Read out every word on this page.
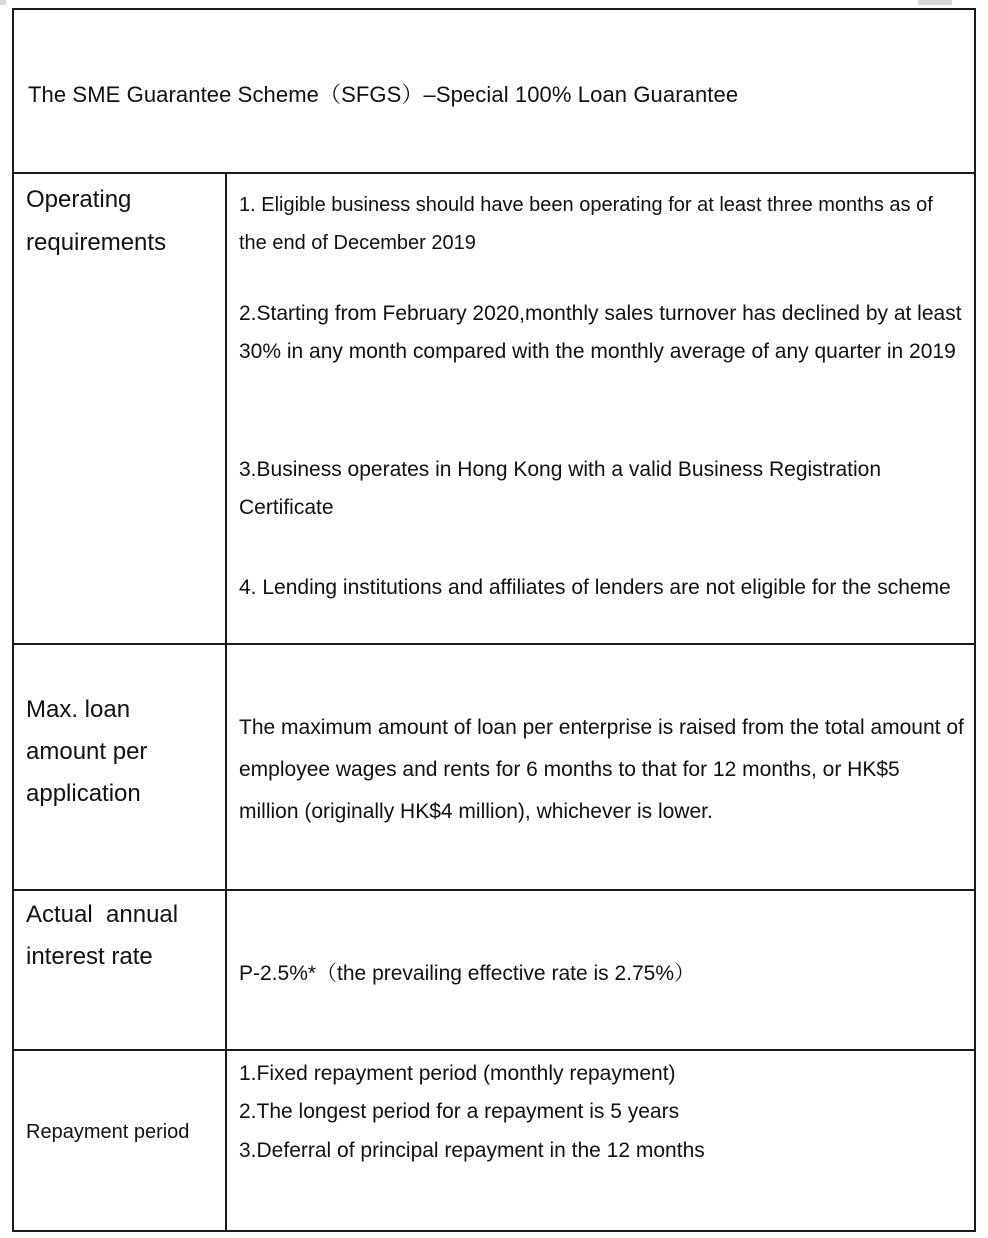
The SME Guarantee Scheme（SFGS）–Special 100% Loan Guarantee
Operating requirements

1. Eligible business should have been operating for at least three months as of the end of December 2019

2.Starting from February 2020,monthly sales turnover has declined by at least 30% in any month compared with the monthly average of any quarter in 2019

3.Business operates in Hong Kong with a valid Business Registration Certificate

4. Lending institutions and affiliates of lenders are not eligible for the scheme

Max. loan amount per application

The maximum amount of loan per enterprise is raised from the total amount of employee wages and rents for 6 months to that for 12 months, or HK$5 million (originally HK$4 million), whichever is lower.

Actual  annual interest rate

P-2.5%*（the prevailing effective rate is 2.75%）

Repayment period

1.Fixed repayment period (monthly repayment)

2.The longest period for a repayment is 5 years

3.Deferral of principal repayment in the 12 months
